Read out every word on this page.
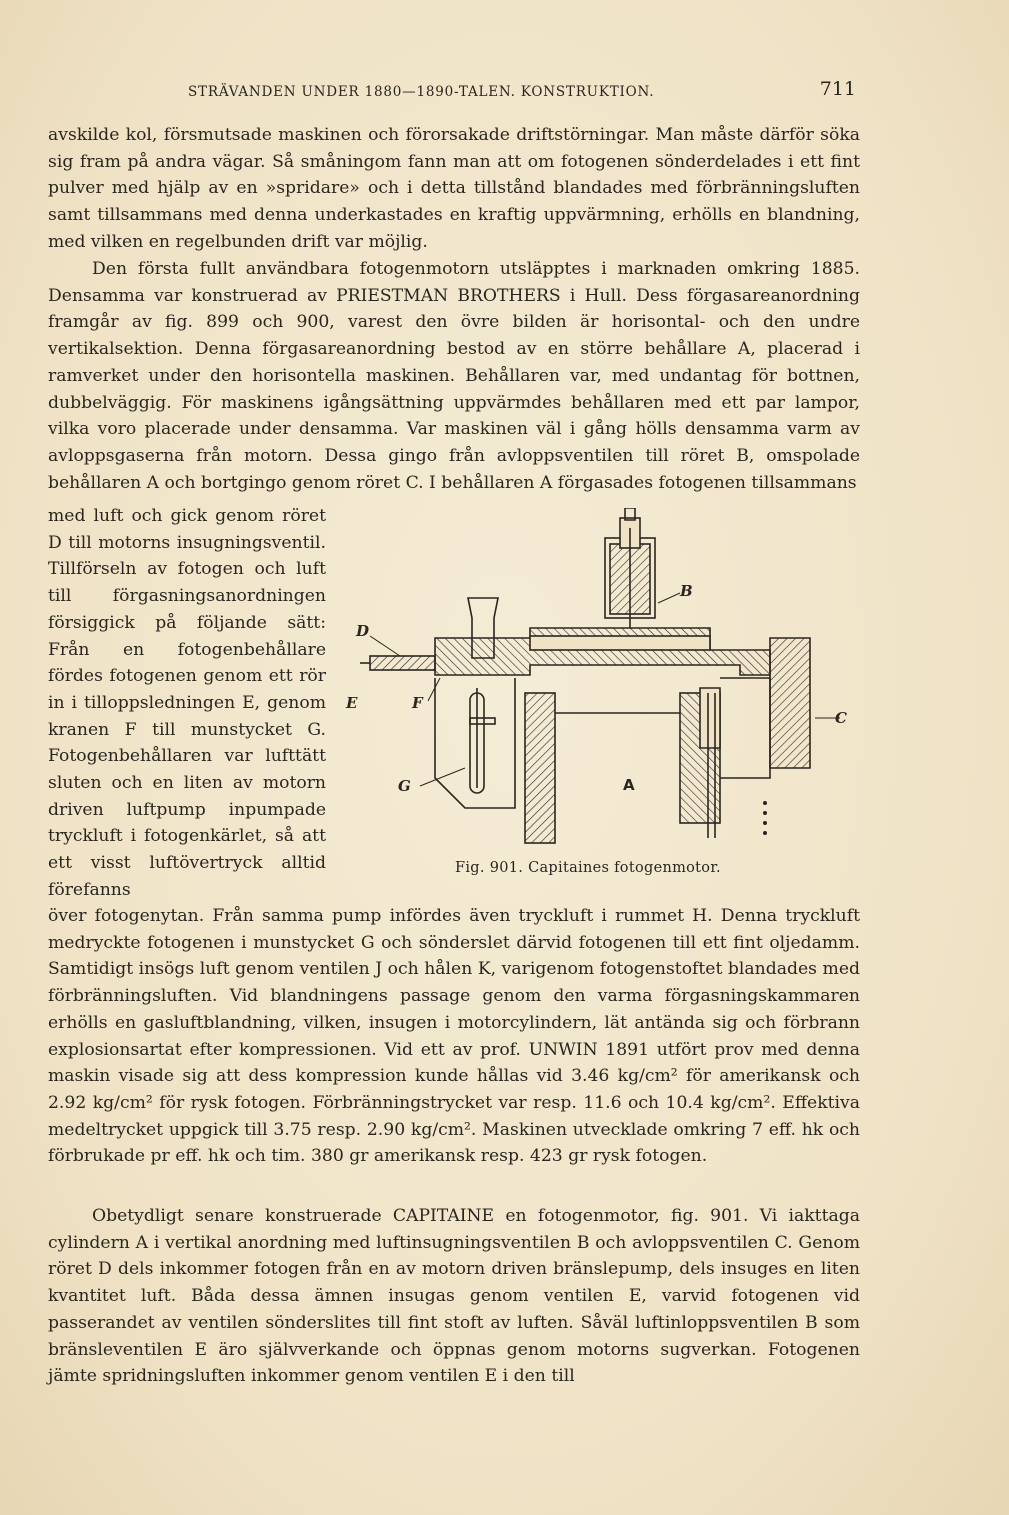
STRÄVANDEN UNDER 1880—1890-TALEN. KONSTRUKTION.	711
avskilde kol, försmutsade maskinen och förorsakade driftstörningar. Man måste därför söka sig fram på andra vägar. Så småningom fann man att om fotogenen sönderdelades i ett fint pulver med hjälp av en »spridare» och i detta tillstånd blandades med förbränningsluften samt tillsammans med denna underkastades en kraftig uppvärmning, erhölls en blandning, med vilken en regelbunden drift var möjlig.
Den första fullt användbara fotogenmotorn utsläpptes i marknaden omkring 1885. Densamma var konstruerad av PRIESTMAN BROTHERS i Hull. Dess förgasareanordning framgår av fig. 899 och 900, varest den övre bilden är horisontal- och den undre vertikalsektion. Denna förgasareanordning bestod av en större behållare A, placerad i ramverket under den horisontella maskinen. Behållaren var, med undantag för bottnen, dubbelväggig. För maskinens igångsättning uppvärmdes behållaren med ett par lampor, vilka voro placerade under densamma. Var maskinen väl i gång hölls densamma varm av avloppsgaserna från motorn. Dessa gingo från avloppsventilen till röret B, omspolade behållaren A och bortgingo genom röret C. I behållaren A förgasades fotogenen tillsammans
med luft och gick genom röret D till motorns insugningsventil. Tillförseln av fotogen och luft till förgasningsanordningen försiggick på följande sätt: Från en fotogenbehållare fördes fotogenen genom ett rör in i tilloppsledningen E, genom kranen F till munstycket G. Fotogenbehållaren var lufttätt sluten och en liten av motorn driven luftpump inpumpade tryckluft i fotogenkärlet, så att ett visst luftövertryck alltid förefanns
över fotogenytan. Från samma pump infördes även tryckluft i rummet H. Denna tryckluft medryckte fotogenen i munstycket G och sönderslet därvid fotogenen till ett fint oljedamm. Samtidigt insögs luft genom ventilen J och hålen K, varigenom fotogenstoftet blandades med förbränningsluften. Vid blandningens passage genom den varma förgasningskammaren erhölls en gasluftblandning, vilken, insugen i motorcylindern, lät antända sig och förbrann explosionsartat efter kompressionen. Vid ett av prof. UNWIN 1891 utfört prov med denna maskin visade sig att dess kompression kunde hållas vid 3.46 kg/cm² för amerikansk och 2.92 kg/cm² för rysk fotogen. Förbränningstrycket var resp. 11.6 och 10.4 kg/cm². Effektiva medeltrycket uppgick till 3.75 resp. 2.90 kg/cm². Maskinen utvecklade omkring 7 eff. hk och förbrukade pr eff. hk och tim. 380 gr amerikansk resp. 423 gr rysk fotogen.
Obetydligt senare konstruerade CAPITAINE en fotogenmotor, fig. 901. Vi iakttaga cylindern A i vertikal anordning med luftinsugningsventilen B och avloppsventilen C. Genom röret D dels inkommer fotogen från en av motorn driven bränslepump, dels insuges en liten kvantitet luft. Båda dessa ämnen insugas genom ventilen E, varvid fotogenen vid passerandet av ventilen sönderslites till fint stoft av luften. Såväl luftinloppsventilen B som bränsleventilen E äro självverkande och öppnas genom motorns sugverkan. Fotogenen jämte spridningsluften inkommer genom ventilen E i den till
D
B
E	F
C
G	A
Fig. 901. Capitaines fotogenmotor.
